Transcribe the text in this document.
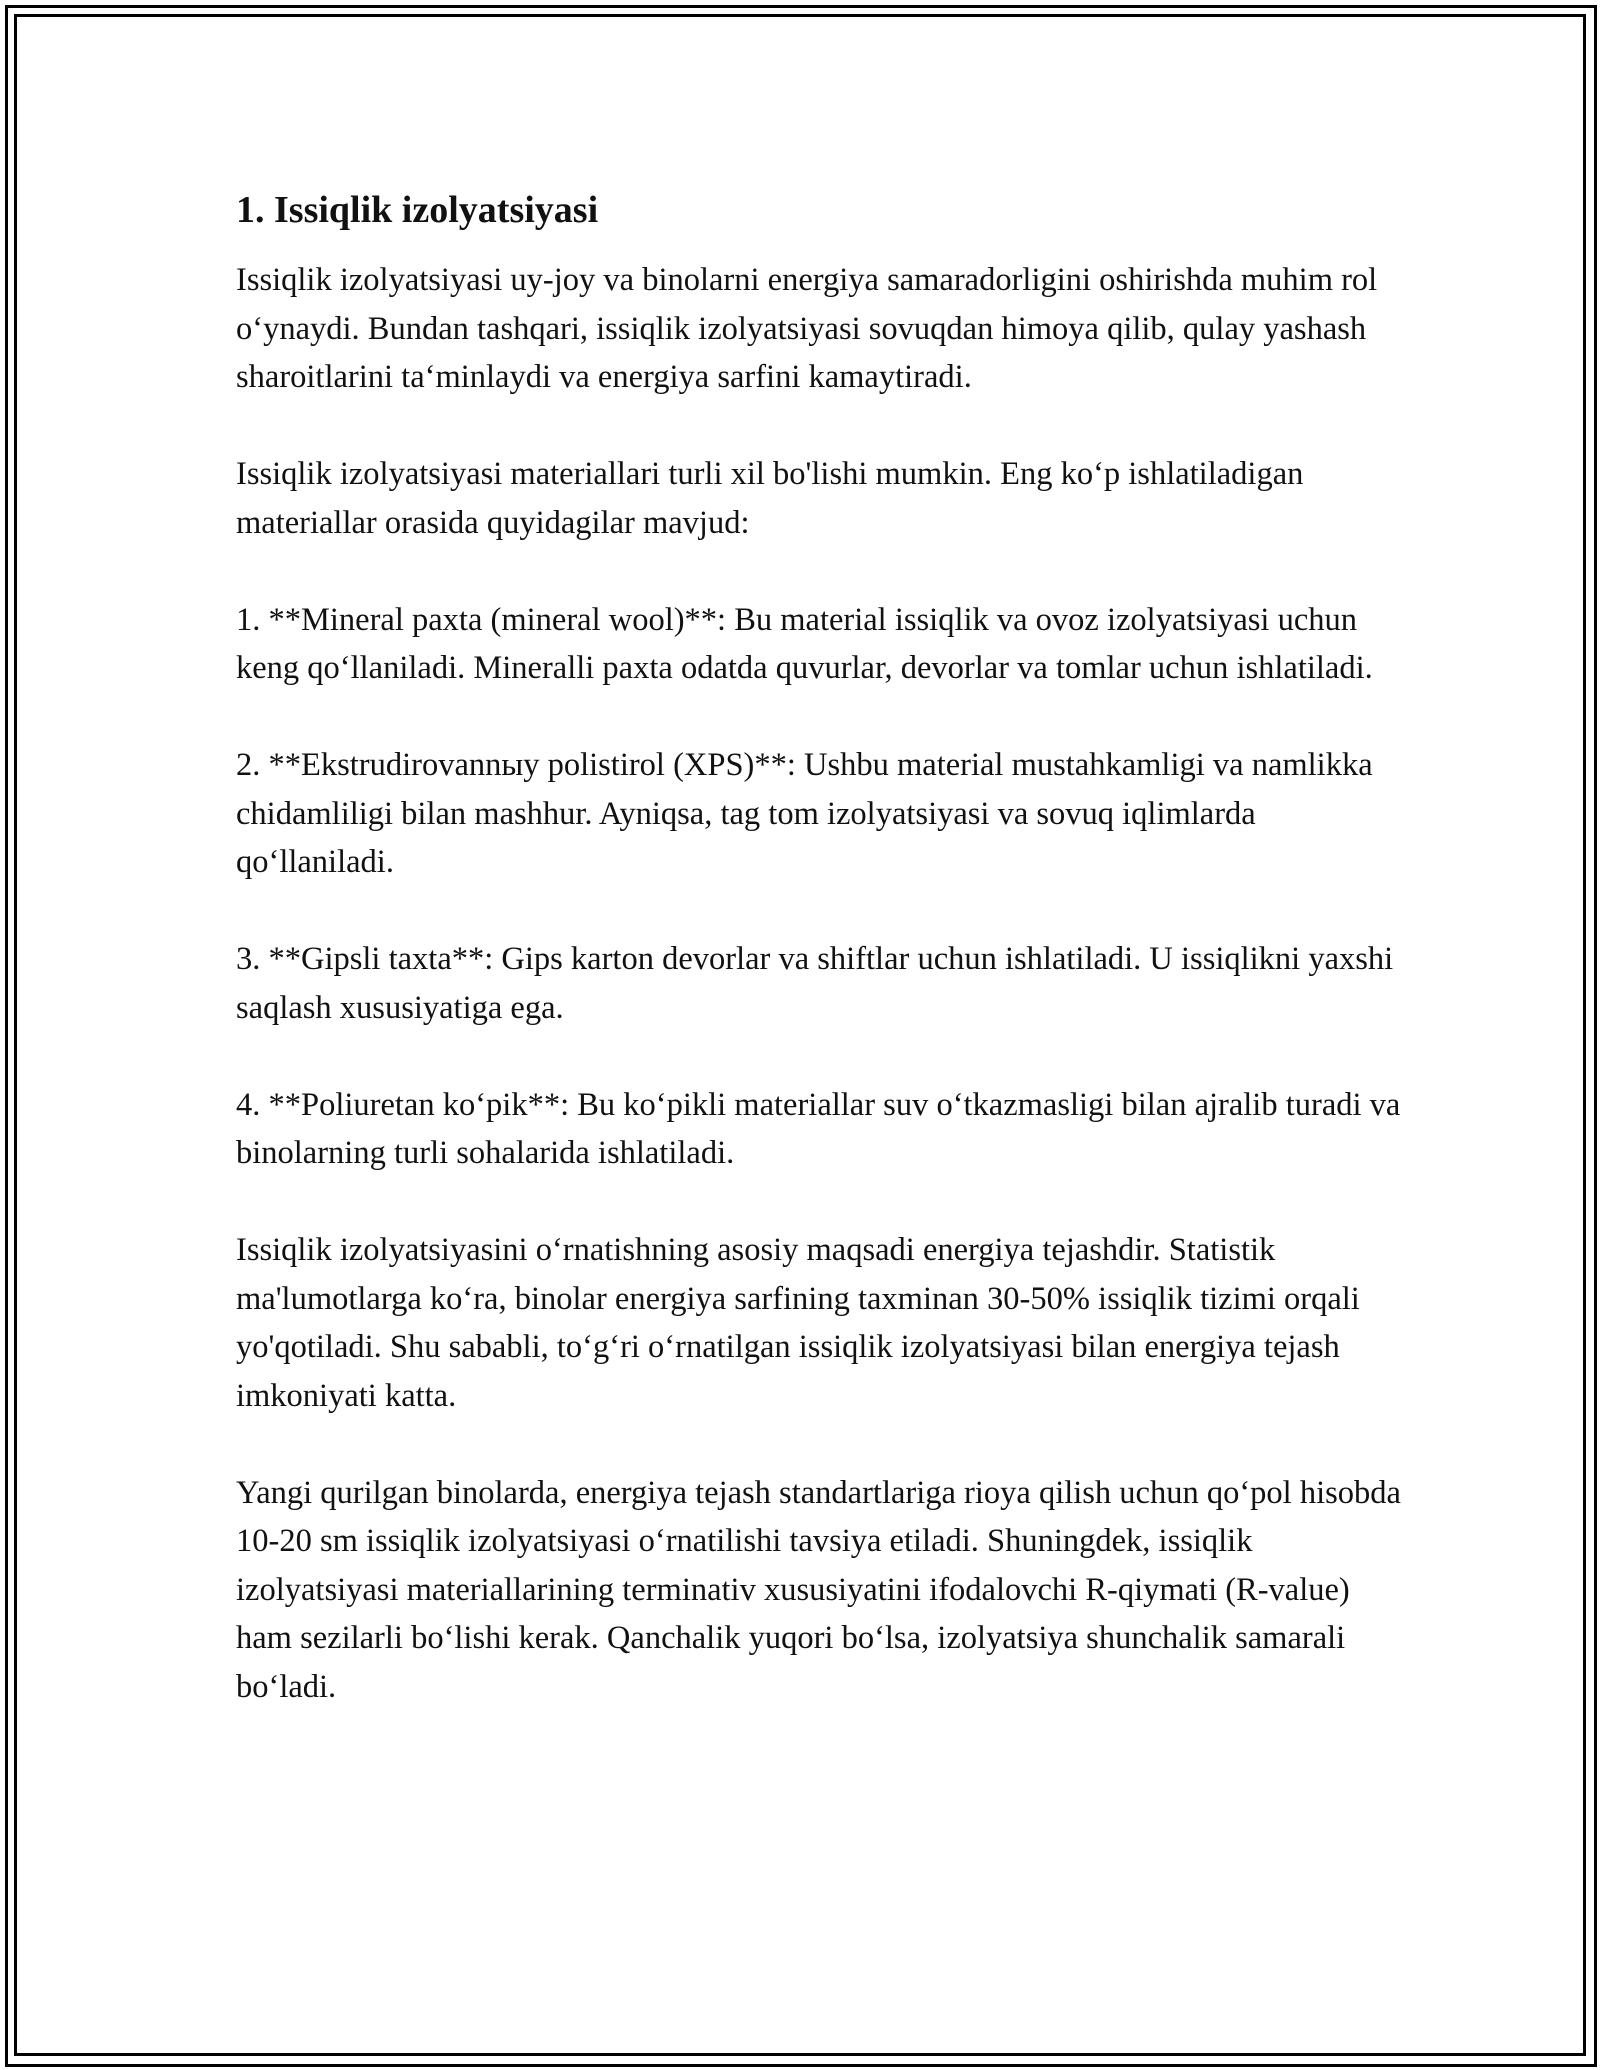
1. Issiqlik izolyatsiyasi

Issiqlik izolyatsiyasi uy-joy va binolarni energiya samaradorligini oshirishda muhim rol o‘ynaydi. Bundan tashqari, issiqlik izolyatsiyasi sovuqdan himoya qilib, qulay yashash sharoitlarini ta‘minlaydi va energiya sarfini kamaytiradi.

Issiqlik izolyatsiyasi materiallari turli xil bo'lishi mumkin. Eng ko‘p ishlatiladigan materiallar orasida quyidagilar mavjud:

1. **Mineral paxta (mineral wool)**: Bu material issiqlik va ovoz izolyatsiyasi uchun keng qo‘llaniladi. Mineralli paxta odatda quvurlar, devorlar va tomlar uchun ishlatiladi.

2. **Ekstrudirovannыy polistirol (XPS)**: Ushbu material mustahkamligi va namlikka chidamliligi bilan mashhur. Ayniqsa, tag tom izolyatsiyasi va sovuq iqlimlarda qo‘llaniladi.

3. **Gipsli taxta**: Gips karton devorlar va shiftlar uchun ishlatiladi. U issiqlikni yaxshi saqlash xususiyatiga ega.

4. **Poliuretan ko‘pik**: Bu ko‘pikli materiallar suv o‘tkazmasligi bilan ajralib turadi va binolarning turli sohalarida ishlatiladi.

Issiqlik izolyatsiyasini o‘rnatishning asosiy maqsadi energiya tejashdir. Statistik ma'lumotlarga ko‘ra, binolar energiya sarfining taxminan 30-50% issiqlik tizimi orqali yo'qotiladi. Shu sababli, to‘g‘ri o‘rnatilgan issiqlik izolyatsiyasi bilan energiya tejash imkoniyati katta.

Yangi qurilgan binolarda, energiya tejash standartlariga rioya qilish uchun qo‘pol hisobda 10-20 sm issiqlik izolyatsiyasi o‘rnatilishi tavsiya etiladi. Shuningdek, issiqlik izolyatsiyasi materiallarining terminativ xususiyatini ifodalovchi R-qiymati (R-value) ham sezilarli bo‘lishi kerak. Qanchalik yuqori bo‘lsa, izolyatsiya shunchalik samarali bo‘ladi.
